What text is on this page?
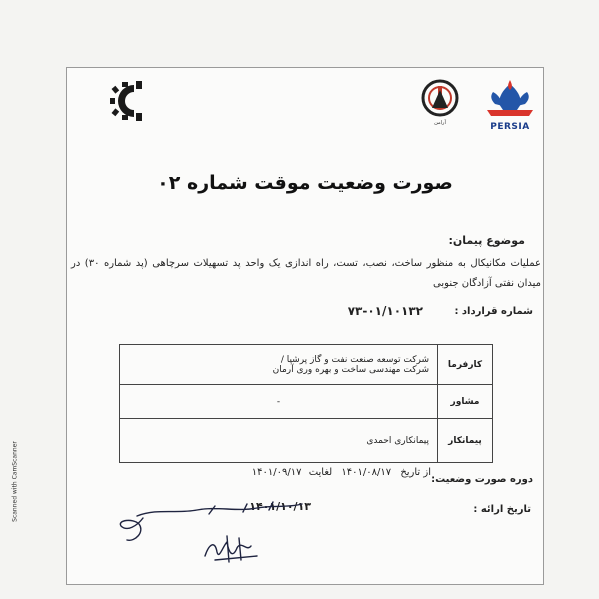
Scanned with CamScanner
آرامن	PERSIA
صورت وضعیت موقت شماره ۰۲
موضوع پیمان:
عملیات مکانیکال به منظور ساخت، نصب، تست، راه اندازی یک واحد پد تسهیلات سرچاهی (پد شماره ۳۰) در میدان نفتی آزادگان جنوبی
شماره قرارداد :
۷۳-۰۱/۱۰۱۳۲
کارفرما	شرکت توسعه صنعت نفت و گاز پرشیا /
شرکت مهندسی ساخت و بهره وری آرمان

مشاور	-

پیمانکار	پیمانکاری احمدی
دوره صورت وضعیت:
از تاریخ ۱۴۰۱/۰۸/۱۷ لغایت ۱۴۰۱/۰۹/۱۷
تاریخ ارائه :
۱۴۰۱/۱۰/۱۳
